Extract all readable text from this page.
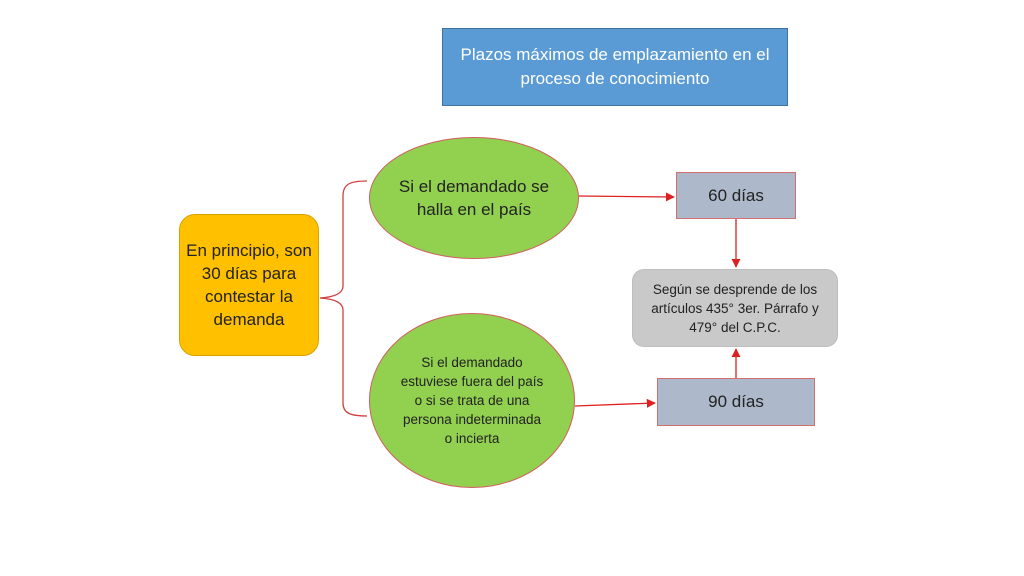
Plazos máximos de emplazamiento en el proceso de conocimiento
En principio, son 30 días para contestar la demanda
Si el demandado se halla en el país
Si el demandado estuviese fuera del país o si se trata de una persona indeterminada o incierta
60 días
90 días
Según se desprende de los artículos 435° 3er. Párrafo y 479° del C.P.C.
